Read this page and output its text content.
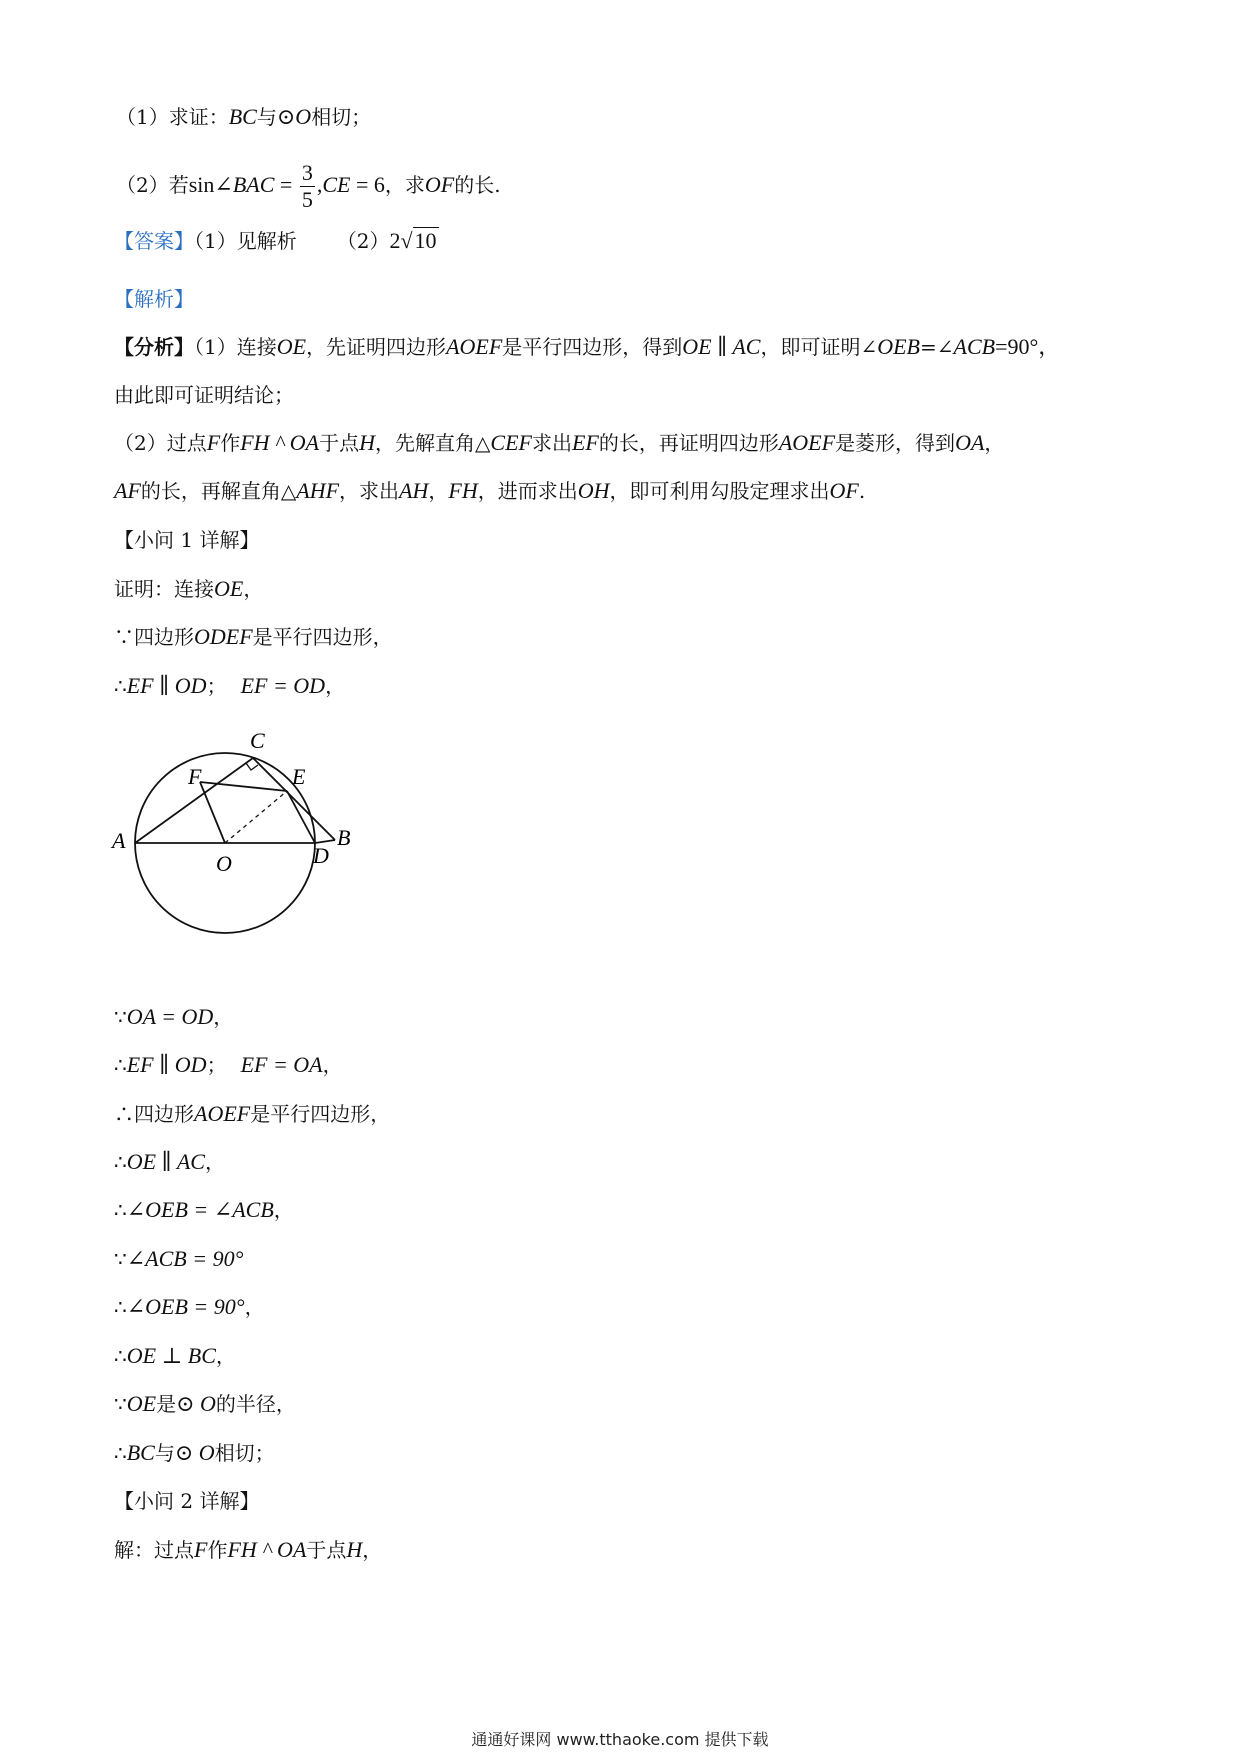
（1）求证：BC与⊙O相切；
（2）若sin∠BAC = $\frac{3}{5} ,CE = 6$，求OF的长.
【答案】（1）见解析 （2）2√10
【解析】
【分析】（1）连接OE，先证明四边形AOEF是平行四边形，得到OE ∥ AC，即可证明∠OEB=∠ACB=90°，
由此即可证明结论；
（2）过点F作FH ^ OA于点H，先解直角△CEF求出EF的长，再证明四边形AOEF是菱形，得到OA，
AF的长，再解直角△AHF，求出AH，FH，进而求出OH，即可利用勾股定理求出OF.
【小问 1 详解】
证明：连接OE，
∵四边形ODEF是平行四边形，
∴EF ∥ OD； EF = OD，
C
F	E
A
O	D
B
∵OA = OD，
∴EF ∥ OD； EF = OA，
∴四边形AOEF是平行四边形，
∴OE ∥ AC，
∴∠OEB = ∠ACB，
∵∠ACB = 90°
∴∠OEB = 90°，
∴OE ⊥ BC，
∵OE是⊙ O的半径，
∴BC与⊙ O相切；
【小问 2 详解】
解：过点F作FH ^ OA于点H，
通通好课网 www.tthaoke.com 提供下载
